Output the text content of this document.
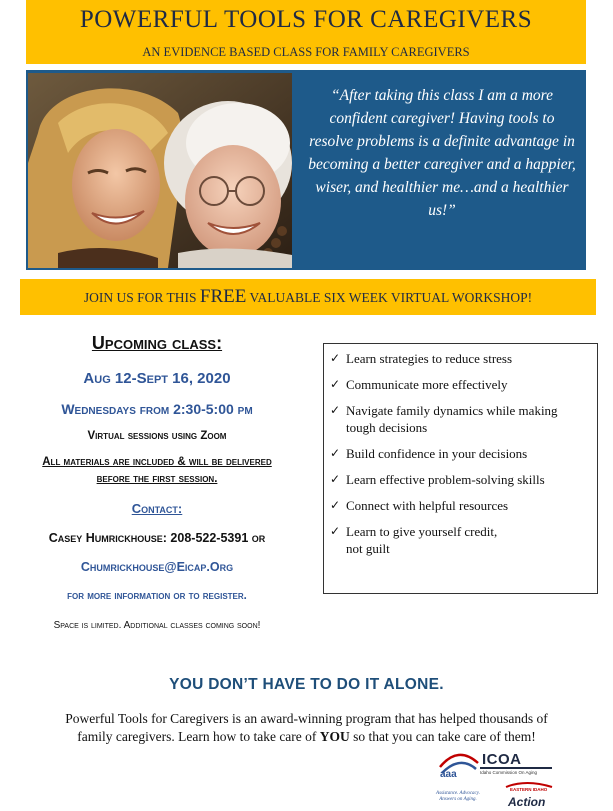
POWERFUL TOOLS FOR CAREGIVERS
AN EVIDENCE BASED CLASS FOR FAMILY CAREGIVERS
“After taking this class I am a more confident caregiver! Having tools to resolve problems is a definite advantage in becoming a better caregiver and a happier, wiser, and healthier me…and a healthier us!”
JOIN US FOR THIS FREE VALUABLE SIX WEEK VIRTUAL WORKSHOP!
Upcoming class:
Aug 12-Sept 16, 2020
Wednesdays from 2:30-5:00 pm
Virtual sessions using Zoom
All materials are included & will be delivered
before the first session.
Contact:
Casey Humrickhouse: 208-522-5391 or
Chumrickhouse@Eicap.Org
for more information or to register.
Space is limited. Additional classes coming soon!
✓ Learn strategies to reduce stress
✓ Communicate more effectively
✓ Navigate family dynamics while making
tough decisions
✓ Build confidence in your decisions
✓ Learn effective problem-solving skills
✓ Connect with helpful resources
✓ Learn to give yourself credit,
not guilt
YOU DON’T HAVE TO DO IT ALONE.
Powerful Tools for Caregivers is an award-winning program that has helped thousands of
family caregivers. Learn how to take care of YOU so that you can take care of them!
aaa
ICOA
Idaho Commission On Aging
Assistance. Advocacy. Answers on Aging.
EASTERN IDAHO
Action
